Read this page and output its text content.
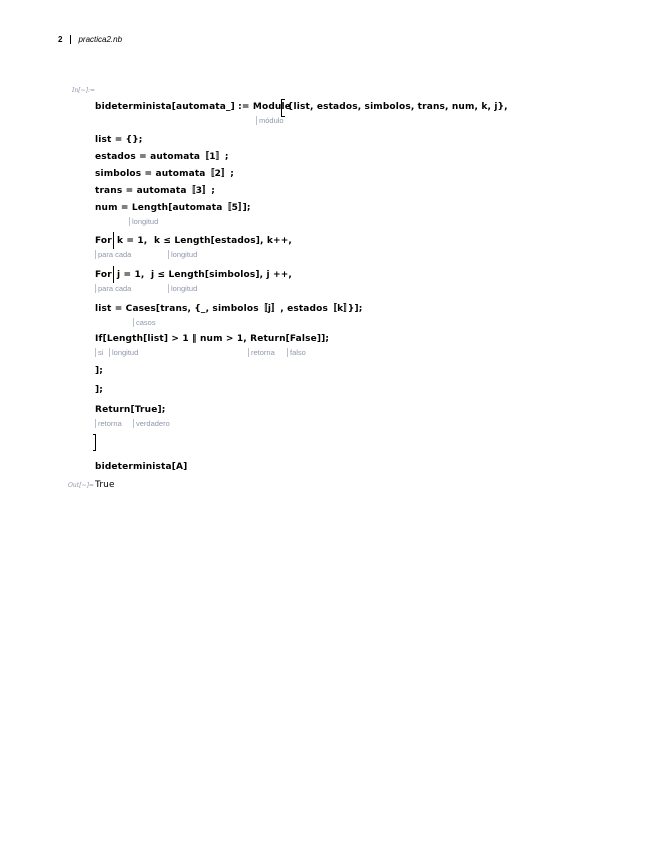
2 practica2.nb
In[~]:=
bideterminista[automata_] := Module
{list, estados, simbolos, trans, num, k, j},
módulo
list = {};
estados = automata〚1〛;
simbolos = automata〚2〛;
trans = automata〚3〛;
num = Length[automata〚5〛];
longitud
For k = 1,  k ≤ Length[estados], k++,
para cada	longitud
For j = 1,  j ≤ Length[simbolos], j ++,
para cada	longitud
list = Cases[trans, {_, simbolos〚j〛, estados〚k〛}];
casos
If[Length[list] > 1 ‖ num > 1, Return[False]];
si	longitud	retorna	falso
];
];
Return[True];
retorna	verdadero
bideterminista[A]
Out[~]= True
